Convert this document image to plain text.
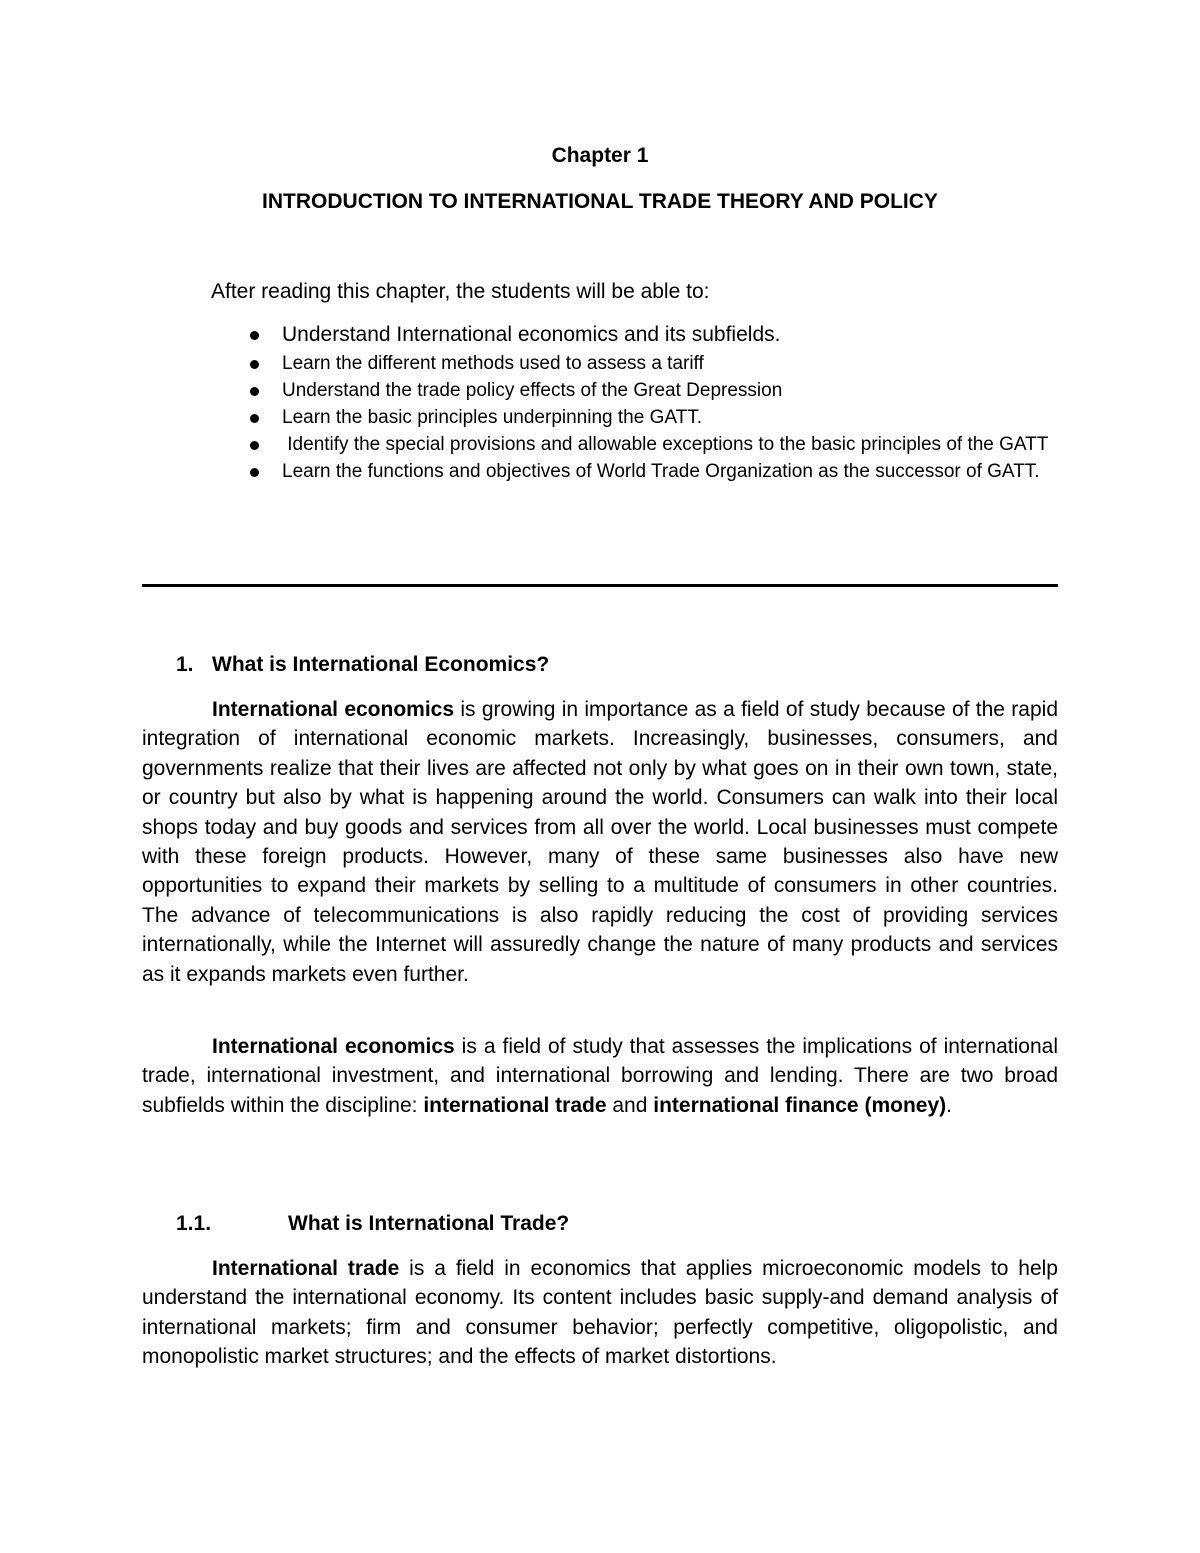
Chapter 1
INTRODUCTION TO INTERNATIONAL TRADE THEORY AND POLICY
After reading this chapter, the students will be able to:
Understand International economics and its subfields.
Learn the different methods used to assess a tariff
Understand the trade policy effects of the Great Depression
Learn the basic principles underpinning the GATT.
Identify the special provisions and allowable exceptions to the basic principles of the GATT
Learn the functions and objectives of World Trade Organization as the successor of GATT.
1. What is International Economics?

International economics is growing in importance as a field of study because of the rapid integration of international economic markets. Increasingly, businesses, consumers, and governments realize that their lives are affected not only by what goes on in their own town, state, or country but also by what is happening around the world. Consumers can walk into their local shops today and buy goods and services from all over the world. Local businesses must compete with these foreign products. However, many of these same businesses also have new opportunities to expand their markets by selling to a multitude of consumers in other countries. The advance of telecommunications is also rapidly reducing the cost of providing services internationally, while the Internet will assuredly change the nature of many products and services as it expands markets even further.

International economics is a field of study that assesses the implications of international trade, international investment, and international borrowing and lending. There are two broad subfields within the discipline: international trade and international finance (money).

1.1.	What is International Trade?

International trade is a field in economics that applies microeconomic models to help understand the international economy. Its content includes basic supply-and demand analysis of international markets; firm and consumer behavior; perfectly competitive, oligopolistic, and monopolistic market structures; and the effects of market distortions.
